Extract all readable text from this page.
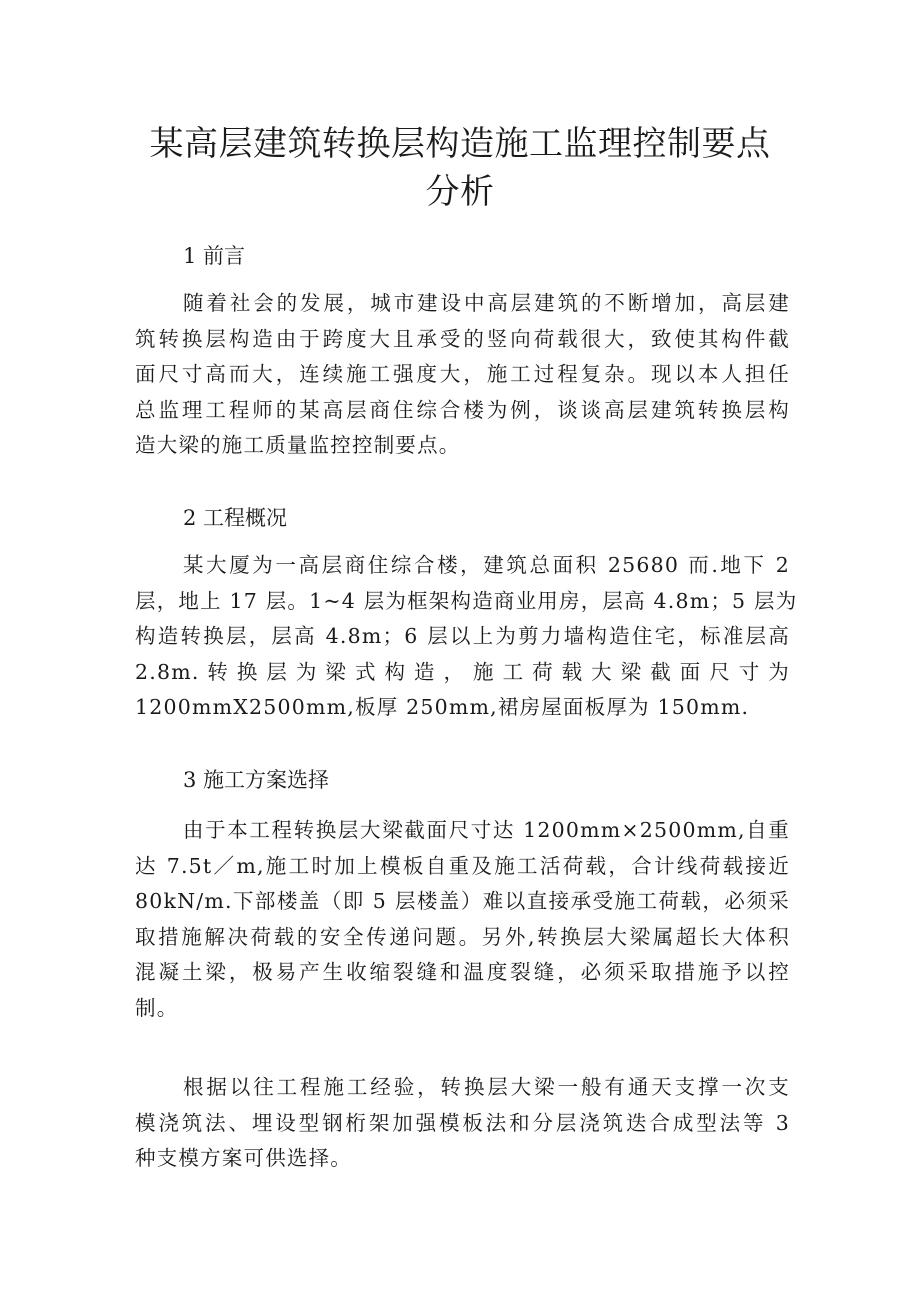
某高层建筑转换层构造施工监理控制要点
分析
1 前言
随着社会的发展，城市建设中高层建筑的不断增加，高层建
筑转换层构造由于跨度大且承受的竖向荷载很大，致使其构件截
面尺寸高而大，连续施工强度大，施工过程复杂。现以本人担任
总监理工程师的某高层商住综合楼为例，谈谈高层建筑转换层构
造大梁的施工质量监控控制要点。
2 工程概况
某大厦为一高层商住综合楼，建筑总面积 25680 而.地下 2
层，地上 17 层。1~4 层为框架构造商业用房，层高 4.8m；5 层为
构造转换层，层高 4.8m；6 层以上为剪力墙构造住宅，标准层高
2.8m. 转 换 层 为 梁 式 构 造 ， 施 工 荷 载 大 梁 截 面 尺 寸 为
1200mmX2500mm,板厚 250mm,裙房屋面板厚为 150mm.
3 施工方案选择
由于本工程转换层大梁截面尺寸达 1200mm×2500mm,自重
达 7.5t／m,施工时加上模板自重及施工活荷载，合计线荷载接近
80kN/m.下部楼盖（即 5 层楼盖）难以直接承受施工荷载，必须采
取措施解决荷载的安全传递问题。另外,转换层大梁属超长大体积
混凝土梁，极易产生收缩裂缝和温度裂缝，必须采取措施予以控
制。
根据以往工程施工经验，转换层大梁一般有通天支撑一次支
模浇筑法、埋设型钢桁架加强模板法和分层浇筑迭合成型法等 3
种支模方案可供选择。
